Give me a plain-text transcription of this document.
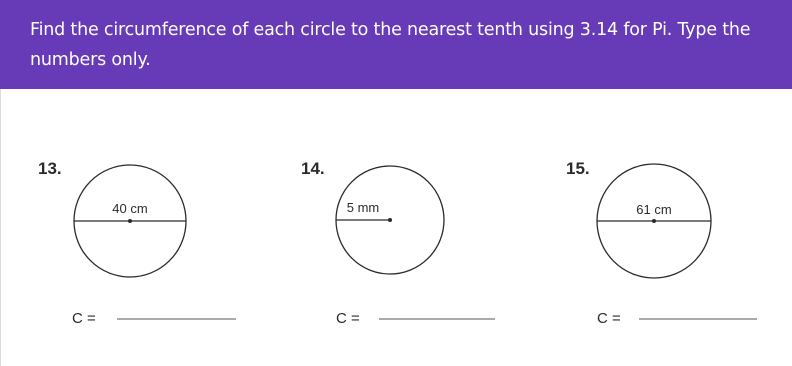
Find the circumference of each circle to the nearest tenth using 3.14 for Pi. Type the numbers only.

13.
40 cm
C =
14.
5 mm
C =
15.
61 cm
C =
